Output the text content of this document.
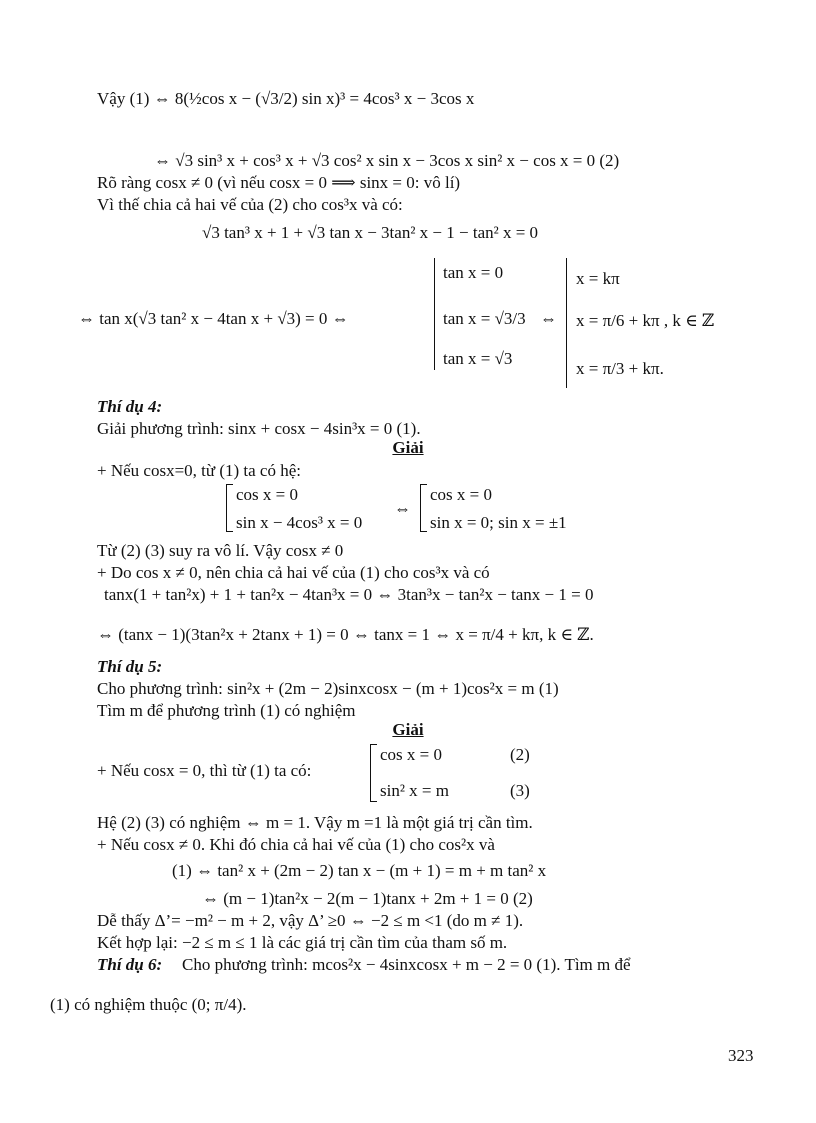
Vậy (1) ⇔ 8(½cos x − (√3/2) sin x)³ = 4cos³ x − 3cos x
⇔ √3 sin³ x + cos³ x + √3 cos² x sin x − 3cos x sin² x − cos x = 0 (2)
Rõ ràng cosx ≠ 0 (vì nếu cosx = 0 ⟹ sinx = 0: vô lí)
Vì thế chia cả hai vế của (2) cho cos³x và có:
√3 tan³ x + 1 + √3 tan x − 3tan² x − 1 − tan² x = 0
⇔ tan x(√3 tan² x − 4tan x + √3) = 0 ⇔
tan x = 0
tan x = √3/3
tan x = √3
⇔
x = kπ
x = π/6 + kπ , k ∈ ℤ
x = π/3 + kπ.
Thí dụ 4:
Giải phương trình: sinx + cosx − 4sin³x = 0 (1).
Giải
+ Nếu cosx=0, từ (1) ta có hệ:
cos x = 0
sin x − 4cos³ x = 0
⇔
cos x = 0
sin x = 0; sin x = ±1
Từ (2) (3) suy ra vô lí. Vậy cosx ≠ 0
+ Do cos x ≠ 0, nên chia cả hai vế của (1) cho cos³x và có
tanx(1 + tan²x) + 1 + tan²x − 4tan³x = 0 ⇔ 3tan³x − tan²x − tanx − 1 = 0
⇔ (tanx − 1)(3tan²x + 2tanx + 1) = 0 ⇔ tanx = 1 ⇔ x = π/4 + kπ, k ∈ ℤ.
Thí dụ 5:
Cho phương trình: sin²x + (2m − 2)sinxcosx − (m + 1)cos²x = m (1)
Tìm m để phương trình (1) có nghiệm
Giải
+ Nếu cosx = 0, thì từ (1) ta có:
cos x = 0	(2)
sin² x = m	(3)
Hệ (2) (3) có nghiệm ⇔ m = 1. Vậy m =1 là một giá trị cần tìm.
+ Nếu cosx ≠ 0. Khi đó chia cả hai vế của (1) cho cos²x và
(1) ⇔ tan² x + (2m − 2) tan x − (m + 1) = m + m tan² x
⇔ (m − 1)tan²x − 2(m − 1)tanx + 2m + 1 = 0 (2)
Dễ thấy Δ’= −m² − m + 2, vậy Δ’ ≥0 ⇔ −2 ≤ m <1 (do m ≠ 1).
Kết hợp lại: −2 ≤ m ≤ 1 là các giá trị cần tìm của tham số m.
Thí dụ 6: Cho phương trình: mcos²x − 4sinxcosx + m − 2 = 0 (1). Tìm m để
(1) có nghiệm thuộc (0; π/4).
323
